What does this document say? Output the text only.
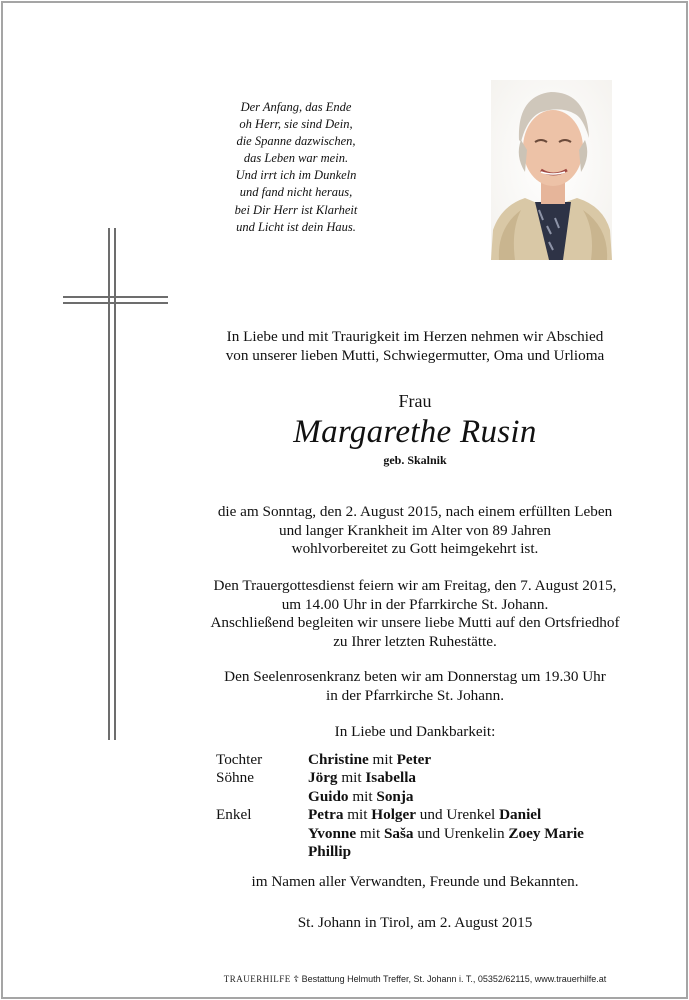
Der Anfang, das Ende
oh Herr, sie sind Dein,
die Spanne dazwischen,
das Leben war mein.
Und irrt ich im Dunkeln
und fand nicht heraus,
bei Dir Herr ist Klarheit
und Licht ist dein Haus.
In Liebe und mit Traurigkeit im Herzen nehmen wir Abschied
von unserer lieben Mutti, Schwiegermutter, Oma und Urlioma
Frau
Margarethe Rusin
geb. Skalnik
die am Sonntag, den 2. August 2015, nach einem erfüllten Leben
und langer Krankheit im Alter von 89 Jahren
wohlvorbereitet zu Gott heimgekehrt ist.
Den Trauergottesdienst feiern wir am Freitag, den 7. August 2015,
um 14.00 Uhr in der Pfarrkirche St. Johann.
Anschließend begleiten wir unsere liebe Mutti auf den Ortsfriedhof
zu Ihrer letzten Ruhestätte.
Den Seelenrosenkranz beten wir am Donnerstag um 19.30 Uhr
in der Pfarrkirche St. Johann.
In Liebe und Dankbarkeit:
Tochter	Christine mit Peter
Söhne	Jörg mit Isabella
Guido mit Sonja
Enkel	Petra mit Holger und Urenkel Daniel
Yvonne mit Saša und Urenkelin Zoey Marie
Phillip
im Namen aller Verwandten, Freunde und Bekannten.
St. Johann in Tirol, am 2. August 2015
TRAUERHILFE ☦ Bestattung Helmuth Treffer, St. Johann i. T., 05352/62115, www.trauerhilfe.at
